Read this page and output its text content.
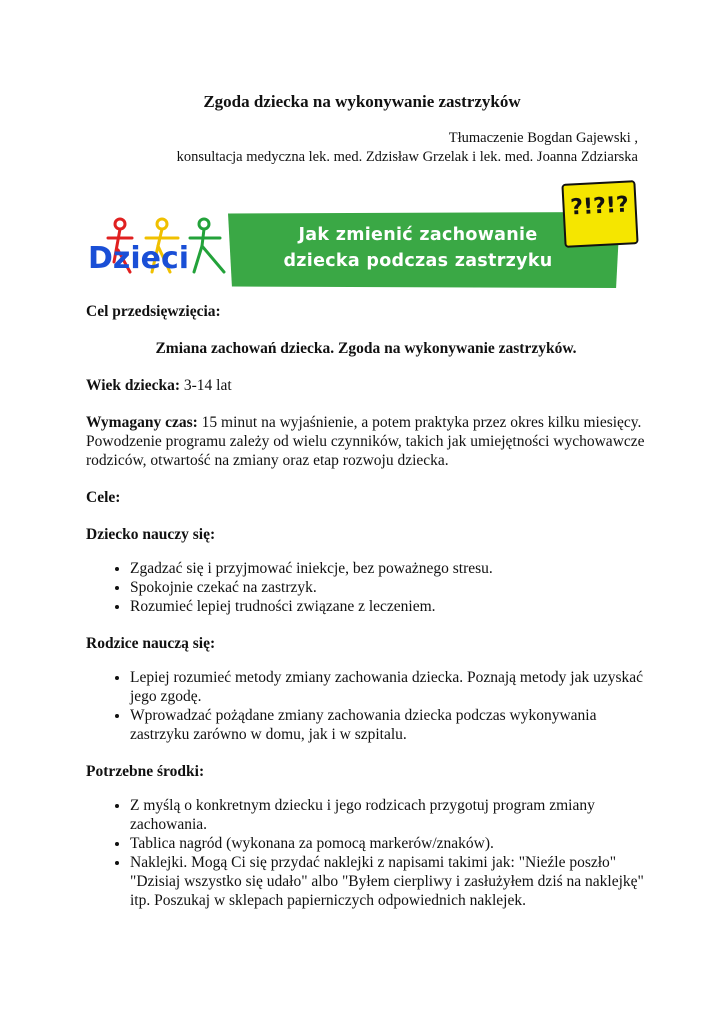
Zgoda dziecka na wykonywanie zastrzyków
Tłumaczenie Bogdan Gajewski ,
konsultacja medyczna lek. med. Zdzisław Grzelak i lek. med. Joanna Zdziarska
Dzieci
Jak zmienić zachowanie
dziecka podczas zastrzyku
?!?!?

Cel przedsięwzięcia:

Zmiana zachowań dziecka. Zgoda na wykonywanie zastrzyków.

Wiek dziecka: 3-14 lat

Wymagany czas: 15 minut na wyjaśnienie, a potem praktyka przez okres kilku miesięcy. Powodzenie programu zależy od wielu czynników, takich jak umiejętności wychowawcze rodziców, otwartość na zmiany oraz etap rozwoju dziecka.

Cele:

Dziecko nauczy się:

• Zgadzać się i przyjmować iniekcje, bez poważnego stresu.
• Spokojnie czekać na zastrzyk.
• Rozumieć lepiej trudności związane z leczeniem.

Rodzice nauczą się:

• Lepiej rozumieć metody zmiany zachowania dziecka. Poznają metody jak uzyskać jego zgodę.
• Wprowadzać pożądane zmiany zachowania dziecka podczas wykonywania zastrzyku zarówno w domu, jak i w szpitalu.

Potrzebne środki:

• Z myślą o konkretnym dziecku i jego rodzicach przygotuj program zmiany zachowania.
• Tablica nagród (wykonana za pomocą markerów/znaków).
• Naklejki. Mogą Ci się przydać naklejki z napisami takimi jak: "Nieźle poszło" "Dzisiaj wszystko się udało" albo "Byłem cierpliwy i zasłużyłem dziś na naklejkę" itp. Poszukaj w sklepach papierniczych odpowiednich naklejek.
